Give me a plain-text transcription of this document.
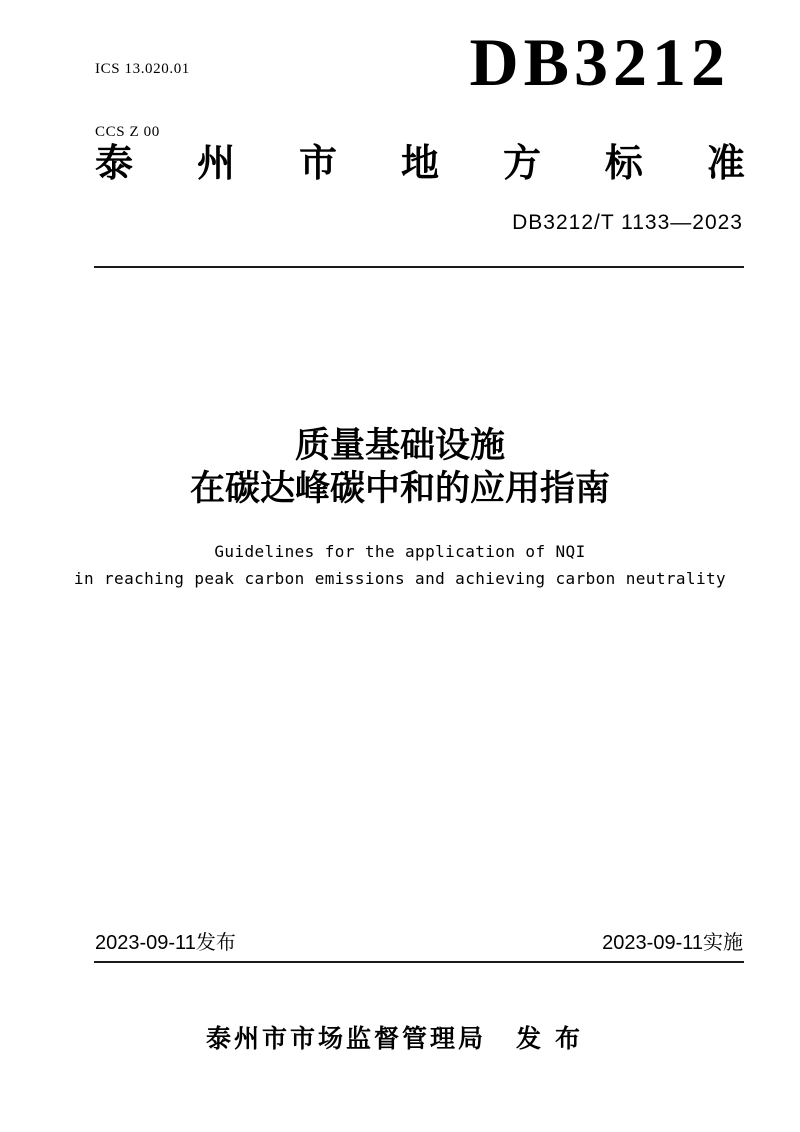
ICS 13.020.01

CCS Z 00

DB3212
泰 州 市 地 方 标 准
DB3212/T 1133—2023
质量基础设施
在碳达峰碳中和的应用指南
Guidelines for the application of NQI
in reaching peak carbon emissions and achieving carbon neutrality
2023-09-11发布	2023-09-11实施
泰州市市场监督管理局 发布
